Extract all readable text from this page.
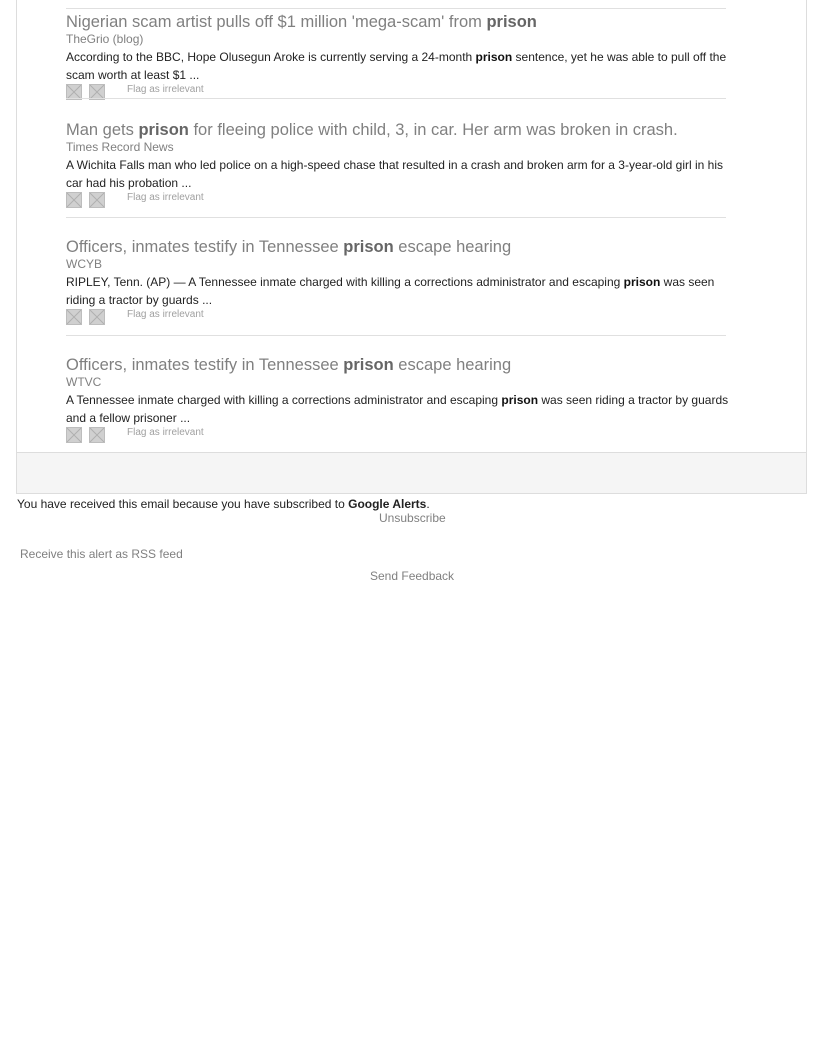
Nigerian scam artist pulls off $1 million 'mega-scam' from prison
TheGrio (blog)
According to the BBC, Hope Olusegun Aroke is currently serving a 24-month prison sentence, yet he was able to pull off the scam worth at least $1 ...
Flag as irrelevant
Man gets prison for fleeing police with child, 3, in car. Her arm was broken in crash.
Times Record News
A Wichita Falls man who led police on a high-speed chase that resulted in a crash and broken arm for a 3-year-old girl in his car had his probation ...
Flag as irrelevant
Officers, inmates testify in Tennessee prison escape hearing
WCYB
RIPLEY, Tenn. (AP) — A Tennessee inmate charged with killing a corrections administrator and escaping prison was seen riding a tractor by guards ...
Flag as irrelevant
Officers, inmates testify in Tennessee prison escape hearing
WTVC
A Tennessee inmate charged with killing a corrections administrator and escaping prison was seen riding a tractor by guards and a fellow prisoner ...
Flag as irrelevant
You have received this email because you have subscribed to Google Alerts.
Unsubscribe
Receive this alert as RSS feed
Send Feedback
